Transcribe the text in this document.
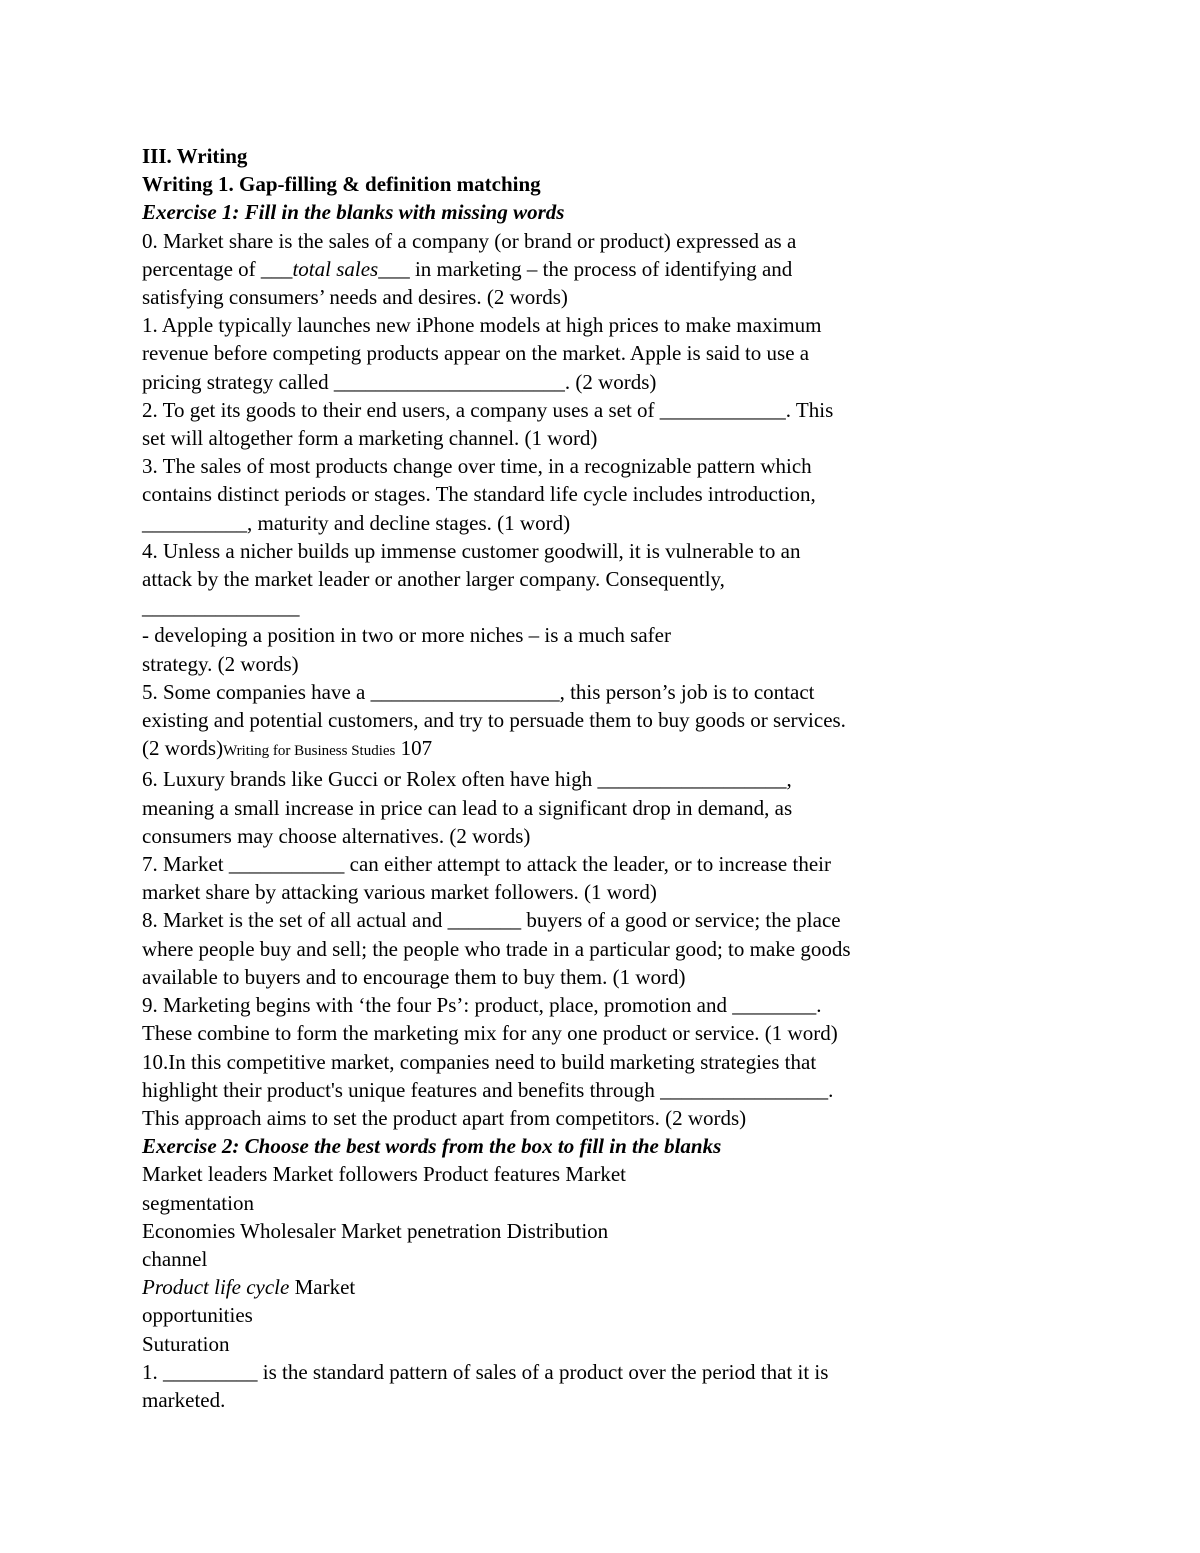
III. Writing
Writing 1. Gap-filling & definition matching
Exercise 1: Fill in the blanks with missing words
0. Market share is the sales of a company (or brand or product) expressed as a
percentage of ___total sales___ in marketing – the process of identifying and
satisfying consumers’ needs and desires. (2 words)
1. Apple typically launches new iPhone models at high prices to make maximum
revenue before competing products appear on the market. Apple is said to use a
pricing strategy called ______________________. (2 words)
2. To get its goods to their end users, a company uses a set of ____________. This
set will altogether form a marketing channel. (1 word)
3. The sales of most products change over time, in a recognizable pattern which
contains distinct periods or stages. The standard life cycle includes introduction,
__________, maturity and decline stages. (1 word)
4. Unless a nicher builds up immense customer goodwill, it is vulnerable to an
attack by the market leader or another larger company. Consequently,
_______________
- developing a position in two or more niches – is a much safer
strategy. (2 words)
5. Some companies have a __________________, this person’s job is to contact
existing and potential customers, and try to persuade them to buy goods or services.
(2 words)Writing for Business Studies 107
6. Luxury brands like Gucci or Rolex often have high __________________,
meaning a small increase in price can lead to a significant drop in demand, as
consumers may choose alternatives. (2 words)
7. Market ___________ can either attempt to attack the leader, or to increase their
market share by attacking various market followers. (1 word)
8. Market is the set of all actual and _______ buyers of a good or service; the place
where people buy and sell; the people who trade in a particular good; to make goods
available to buyers and to encourage them to buy them. (1 word)
9. Marketing begins with ‘the four Ps’: product, place, promotion and ________.
These combine to form the marketing mix for any one product or service. (1 word)
10.In this competitive market, companies need to build marketing strategies that
highlight their product's unique features and benefits through ________________.
This approach aims to set the product apart from competitors. (2 words)
Exercise 2: Choose the best words from the box to fill in the blanks
Market leaders Market followers Product features Market
segmentation
Economies Wholesaler Market penetration Distribution
channel
Product life cycle Market
opportunities
Suturation
1. _________ is the standard pattern of sales of a product over the period that it is
marketed.
